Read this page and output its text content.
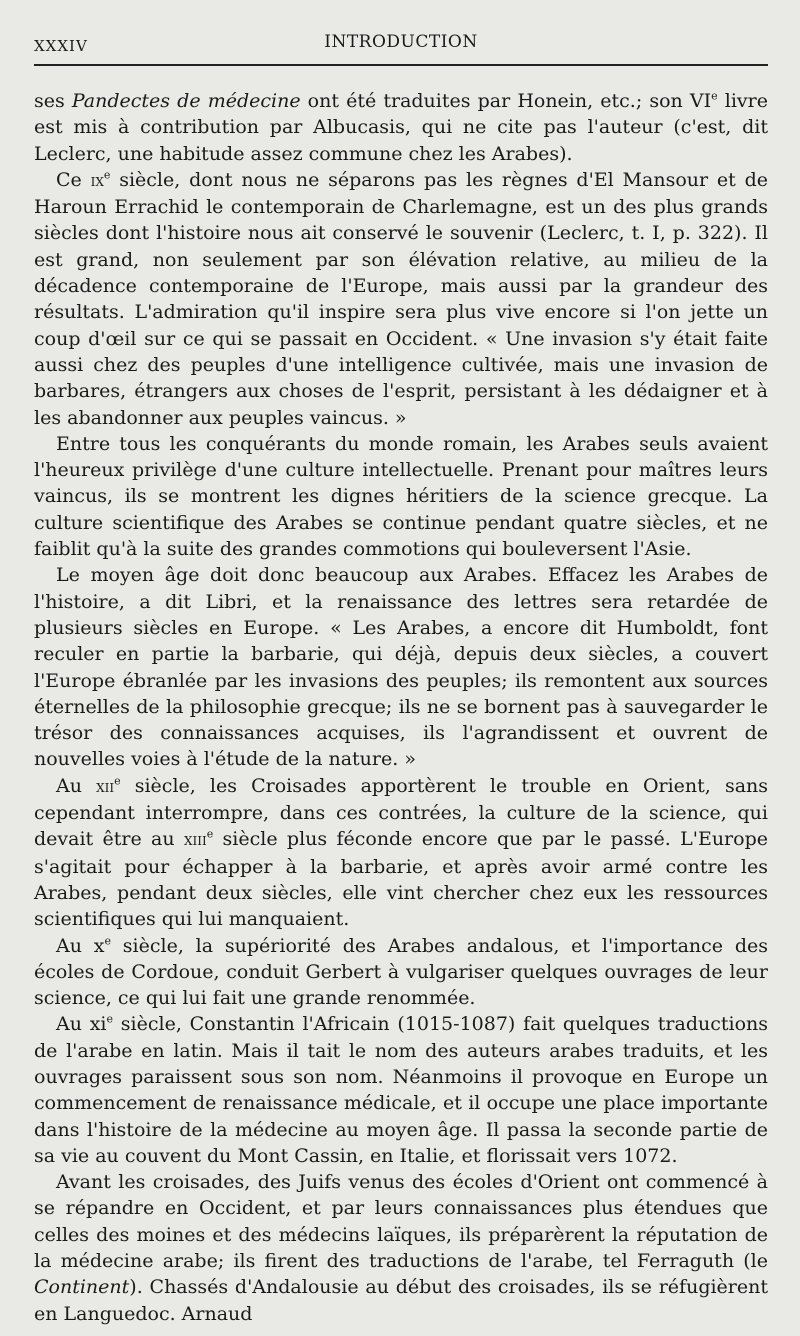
XXXIV	INTRODUCTION

ses Pandectes de médecine ont été traduites par Honein, etc.; son VIe livre est mis à contribution par Albucasis, qui ne cite pas l'auteur (c'est, dit Leclerc, une habitude assez commune chez les Arabes).

Ce $ix^e$ siècle, dont nous ne séparons pas les règnes d'El Mansour et de Haroun Errachid le contemporain de Charlemagne, est un des plus grands siècles dont l'histoire nous ait conservé le souvenir (Leclerc, t. I, p. 322). Il est grand, non seulement par son élévation relative, au milieu de la décadence contemporaine de l'Europe, mais aussi par la grandeur des résultats. L'admiration qu'il inspire sera plus vive encore si l'on jette un coup d'œil sur ce qui se passait en Occident. « Une invasion s'y était faite aussi chez des peuples d'une intelligence cultivée, mais une invasion de barbares, étrangers aux choses de l'esprit, persistant à les dédaigner et à les abandonner aux peuples vaincus. »

Entre tous les conquérants du monde romain, les Arabes seuls avaient l'heureux privilège d'une culture intellectuelle. Prenant pour maîtres leurs vaincus, ils se montrent les dignes héritiers de la science grecque. La culture scientifique des Arabes se continue pendant quatre siècles, et ne faiblit qu'à la suite des grandes commotions qui bouleversent l'Asie.

Le moyen âge doit donc beaucoup aux Arabes. Effacez les Arabes de l'histoire, a dit Libri, et la renaissance des lettres sera retardée de plusieurs siècles en Europe. « Les Arabes, a encore dit Humboldt, font reculer en partie la barbarie, qui déjà, depuis deux siècles, a couvert l'Europe ébranlée par les invasions des peuples; ils remontent aux sources éternelles de la philosophie grecque; ils ne se bornent pas à sauvegarder le trésor des connaissances acquises, ils l'agrandissent et ouvrent de nouvelles voies à l'étude de la nature. »

Au xii$^e$ siècle, les Croisades apportèrent le trouble en Orient, sans cependant interrompre, dans ces contrées, la culture de la science, qui devait être au xiii$^e$ siècle plus féconde encore que par le passé. L'Europe s'agitait pour échapper à la barbarie, et après avoir armé contre les Arabes, pendant deux siècles, elle vint chercher chez eux les ressources scientifiques qui lui manquaient.

Au $x^e$ siècle, la supériorité des Arabes andalous, et l'importance des écoles de Cordoue, conduit Gerbert à vulgariser quelques ouvrages de leur science, ce qui lui fait une grande renommée.

Au $xi^e$ siècle, Constantin l'Africain (1015-1087) fait quelques traductions de l'arabe en latin. Mais il tait le nom des auteurs arabes traduits, et les ouvrages paraissent sous son nom. Néanmoins il provoque en Europe un commencement de renaissance médicale, et il occupe une place importante dans l'histoire de la médecine au moyen âge. Il passa la seconde partie de sa vie au couvent du Mont Cassin, en Italie, et florissait vers 1072.

Avant les croisades, des Juifs venus des écoles d'Orient ont commencé à se répandre en Occident, et par leurs connaissances plus étendues que celles des moines et des médecins laïques, ils préparèrent la réputation de la médecine arabe; ils firent des traductions de l'arabe, tel Ferraguth (le Continent). Chassés d'Andalousie au début des croisades, ils se réfugièrent en Languedoc. Arnaud
